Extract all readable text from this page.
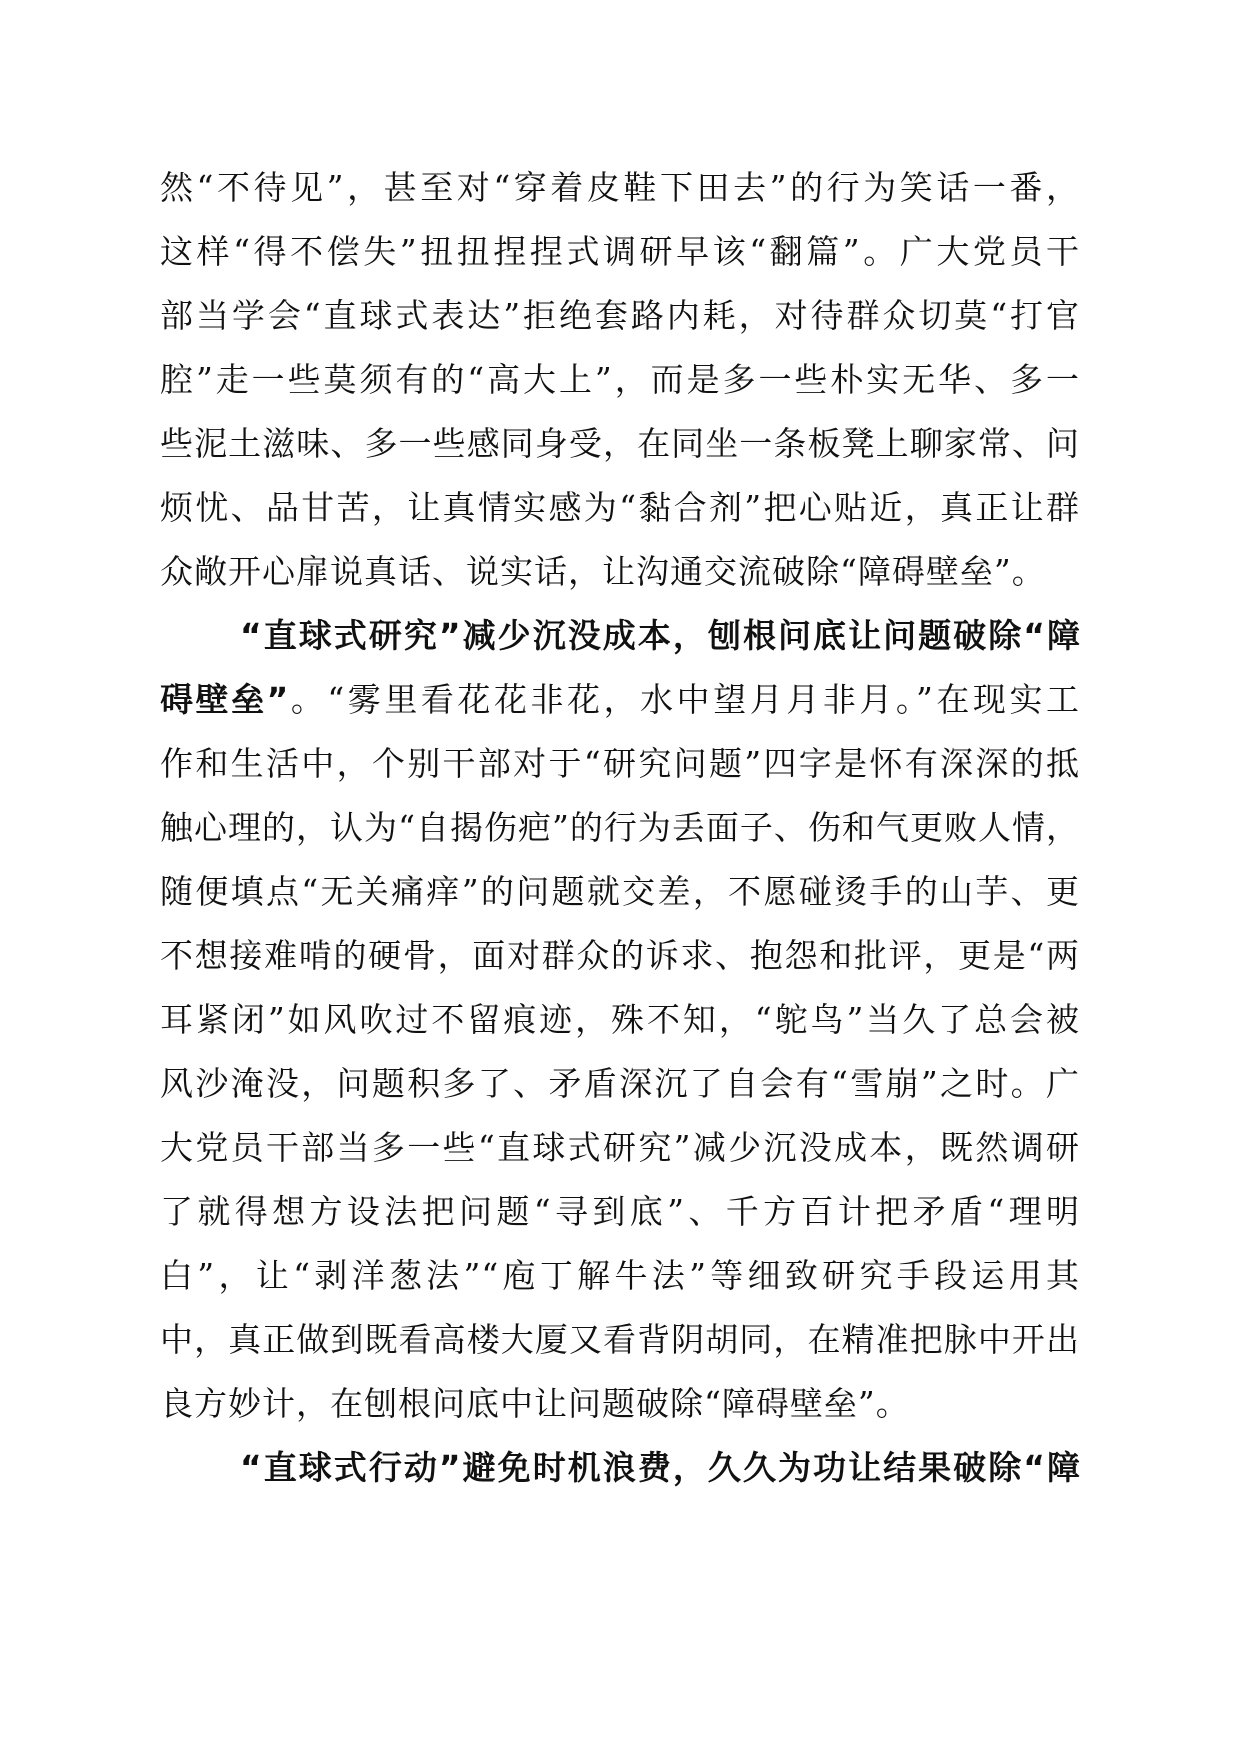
然“不待见”，甚至对“穿着皮鞋下田去”的行为笑话一番，
这样“得不偿失”扭扭捏捏式调研早该“翻篇”。广大党员干
部当学会“直球式表达”拒绝套路内耗，对待群众切莫“打官
腔”走一些莫须有的“高大上”，而是多一些朴实无华、多一
些泥土滋味、多一些感同身受，在同坐一条板凳上聊家常、问
烦忧、品甘苦，让真情实感为“黏合剂”把心贴近，真正让群
众敞开心扉说真话、说实话，让沟通交流破除“障碍壁垒”。
“直球式研究”减少沉没成本，刨根问底让问题破除“障
碍壁垒”。“雾里看花花非花，水中望月月非月。”在现实工
作和生活中，个别干部对于“研究问题”四字是怀有深深的抵
触心理的，认为“自揭伤疤”的行为丢面子、伤和气更败人情，
随便填点“无关痛痒”的问题就交差，不愿碰烫手的山芋、更
不想接难啃的硬骨，面对群众的诉求、抱怨和批评，更是“两
耳紧闭”如风吹过不留痕迹，殊不知，“鸵鸟”当久了总会被
风沙淹没，问题积多了、矛盾深沉了自会有“雪崩”之时。广
大党员干部当多一些“直球式研究”减少沉没成本，既然调研
了就得想方设法把问题“寻到底”、千方百计把矛盾“理明
白”，让“剥洋葱法”“庖丁解牛法”等细致研究手段运用其
中，真正做到既看高楼大厦又看背阴胡同，在精准把脉中开出
良方妙计，在刨根问底中让问题破除“障碍壁垒”。
“直球式行动”避免时机浪费，久久为功让结果破除“障
